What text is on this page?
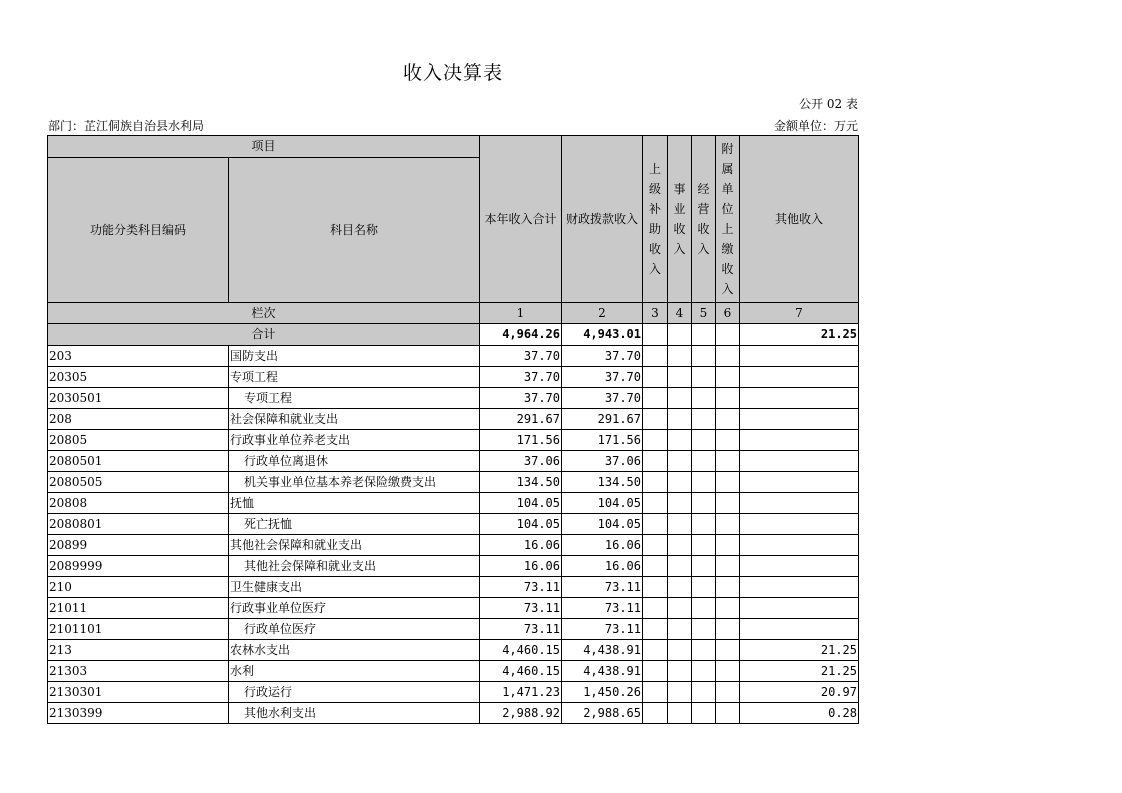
收入决算表
公开 02 表
部门：芷江侗族自治县水利局	金额单位：万元
项目		本年收入合计	财政拨款收入	上级补助收入	事业收入	经营收入	附属单位上缴收入	其他收入
功能分类科目编码	科目名称							
栏次		1	2	3	4	5	6	7
合计		4,964.26	4,943.01					21.25
203	国防支出	37.70	37.70					
20305	专项工程	37.70	37.70					
2030501	专项工程	37.70	37.70					
208	社会保障和就业支出	291.67	291.67					
20805	行政事业单位养老支出	171.56	171.56					
2080501	行政单位离退休	37.06	37.06					
2080505	机关事业单位基本养老保险缴费支出	134.50	134.50					
20808	抚恤	104.05	104.05					
2080801	死亡抚恤	104.05	104.05					
20899	其他社会保障和就业支出	16.06	16.06					
2089999	其他社会保障和就业支出	16.06	16.06					
210	卫生健康支出	73.11	73.11					
21011	行政事业单位医疗	73.11	73.11					
2101101	行政单位医疗	73.11	73.11					
213	农林水支出	4,460.15	4,438.91					21.25
21303	水利	4,460.15	4,438.91					21.25
2130301	行政运行	1,471.23	1,450.26					20.97
2130399	其他水利支出	2,988.92	2,988.65					0.28
